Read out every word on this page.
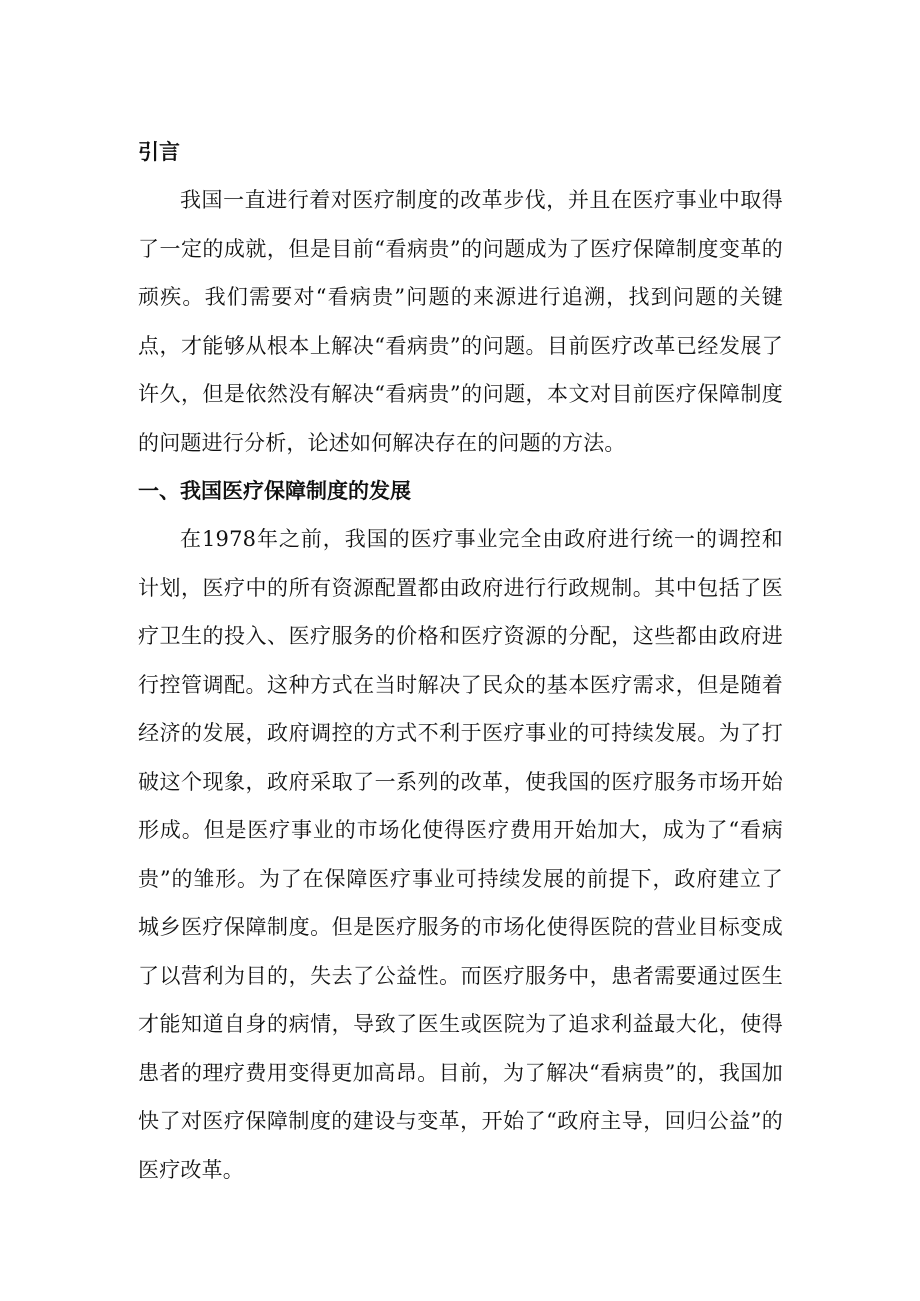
引言

我国一直进行着对医疗制度的改革步伐，并且在医疗事业中取得了一定的成就，但是目前“看病贵”的问题成为了医疗保障制度变革的顽疾。我们需要对“看病贵”问题的来源进行追溯，找到问题的关键点，才能够从根本上解决“看病贵”的问题。目前医疗改革已经发展了许久，但是依然没有解决“看病贵”的问题，本文对目前医疗保障制度的问题进行分析，论述如何解决存在的问题的方法。

一、我国医疗保障制度的发展

在1978年之前，我国的医疗事业完全由政府进行统一的调控和计划，医疗中的所有资源配置都由政府进行行政规制。其中包括了医疗卫生的投入、医疗服务的价格和医疗资源的分配，这些都由政府进行控管调配。这种方式在当时解决了民众的基本医疗需求，但是随着经济的发展，政府调控的方式不利于医疗事业的可持续发展。为了打破这个现象，政府采取了一系列的改革，使我国的医疗服务市场开始形成。但是医疗事业的市场化使得医疗费用开始加大，成为了“看病贵”的雏形。为了在保障医疗事业可持续发展的前提下，政府建立了城乡医疗保障制度。但是医疗服务的市场化使得医院的营业目标变成了以营利为目的，失去了公益性。而医疗服务中，患者需要通过医生才能知道自身的病情，导致了医生或医院为了追求利益最大化，使得患者的理疗费用变得更加高昂。目前，为了解决“看病贵”的，我国加快了对医疗保障制度的建设与变革，开始了“政府主导，回归公益”的医疗改革。
